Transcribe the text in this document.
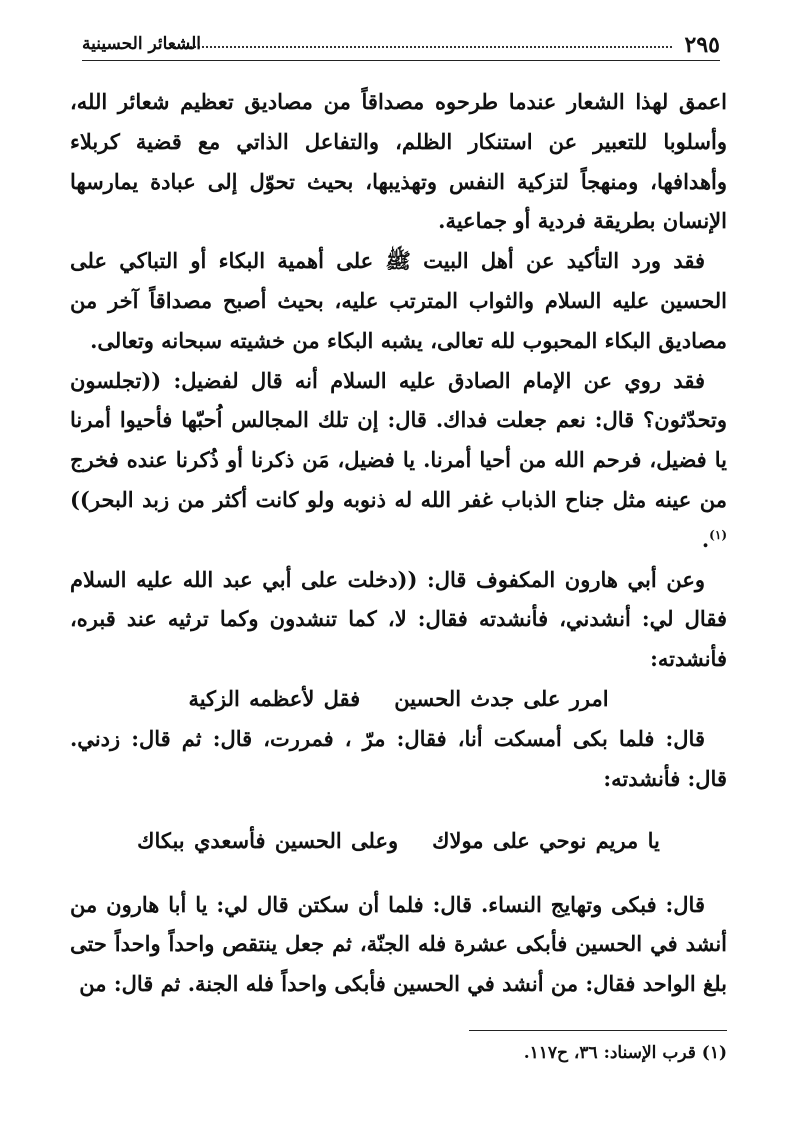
٢٩٥
الشعائر الحسينية

اعمق لهذا الشعار عندما طرحوه مصداقاً من مصاديق تعظيم شعائر الله، وأسلوبا للتعبير عن استنكار الظلم، والتفاعل الذاتي مع قضية كربلاء وأهدافها، ومنهجاً لتزكية النفس وتهذيبها، بحيث تحوّل إلى عبادة يمارسها الإنسان بطريقة فردية أو جماعية.

فقد ورد التأكيد عن أهل البيت ﷺ على أهمية البكاء أو التباكي على الحسين عليه السلام والثواب المترتب عليه، بحيث أصبح مصداقاً آخر من مصاديق البكاء المحبوب لله تعالى، يشبه البكاء من خشيته سبحانه وتعالى.

فقد روي عن الإمام الصادق عليه السلام أنه قال لفضيل: ((تجلسون وتحدّثون؟ قال: نعم جعلت فداك. قال: إن تلك المجالس اُحبّها فأحيوا أمرنا يا فضيل، فرحم الله من أحيا أمرنا. يا فضيل، مَن ذكرنا أو ذُكرنا عنده فخرج من عينه مثل جناح الذباب غفر الله له ذنوبه ولو كانت أكثر من زبد البحر))$^{(١)}$.

وعن أبي هارون المكفوف قال: ((دخلت على أبي عبد الله عليه السلام فقال لي: أنشدني، فأنشدته فقال: لا، كما تنشدون وكما ترثيه عند قبره، فأنشدته:

امرر على جدث الحسينفقل لأعظمه الزكية

قال: فلما بكى أمسكت أنا، فقال: مرّ ، فمررت، قال: ثم قال: زدني. قال: فأنشدته:

يا مريم نوحي على مولاكوعلى الحسين فأسعدي ببكاك

قال: فبكى وتهايج النساء. قال: فلما أن سكتن قال لي: يا أبا هارون من أنشد في الحسين فأبكى عشرة فله الجنّة، ثم جعل ينتقص واحداً واحداً حتى بلغ الواحد فقال: من أنشد في الحسين فأبكى واحداً فله الجنة. ثم قال: من

(١) قرب الإسناد: ٣٦، ح١١٧.
